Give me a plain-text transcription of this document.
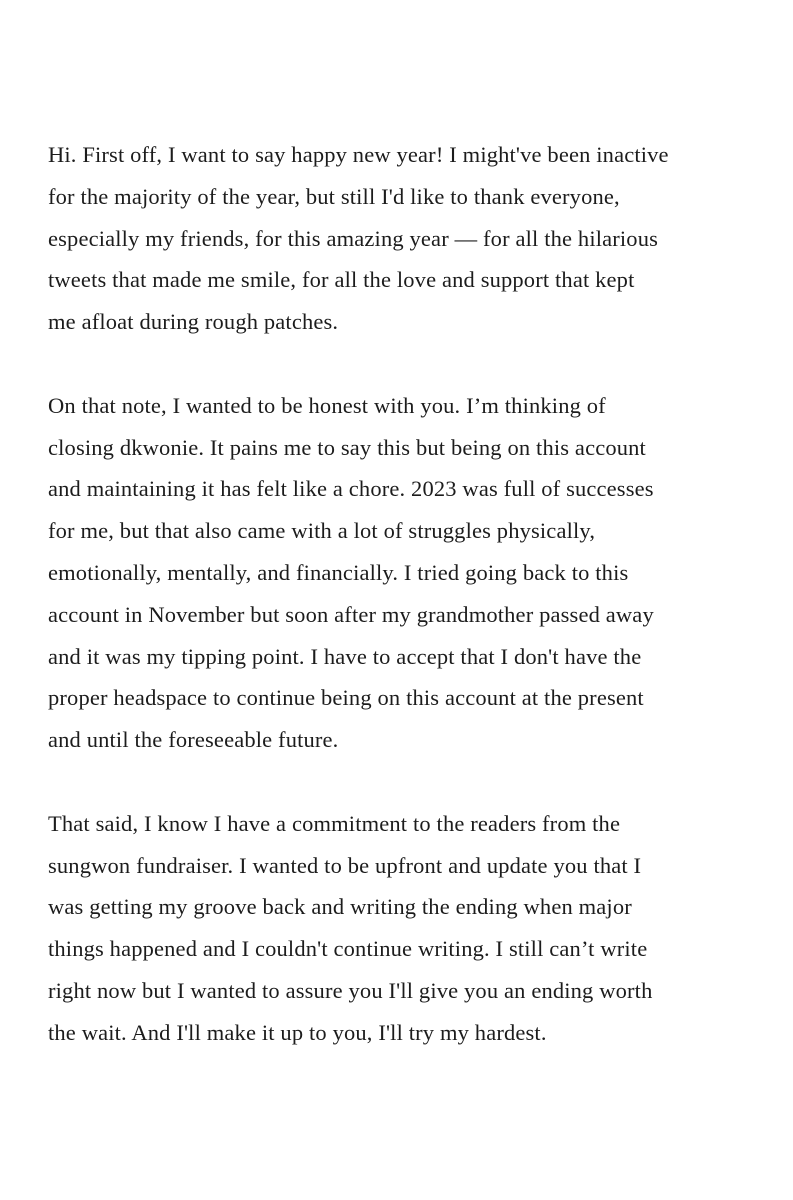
Hi. First off, I want to say happy new year! I might've been inactive
for the majority of the year, but still I'd like to thank everyone,
especially my friends, for this amazing year — for all the hilarious
tweets that made me smile, for all the love and support that kept
me afloat during rough patches.

On that note, I wanted to be honest with you. I’m thinking of
closing dkwonie. It pains me to say this but being on this account
and maintaining it has felt like a chore. 2023 was full of successes
for me, but that also came with a lot of struggles physically,
emotionally, mentally, and financially. I tried going back to this
account in November but soon after my grandmother passed away
and it was my tipping point. I have to accept that I don't have the
proper headspace to continue being on this account at the present
and until the foreseeable future.

That said, I know I have a commitment to the readers from the
sungwon fundraiser. I wanted to be upfront and update you that I
was getting my groove back and writing the ending when major
things happened and I couldn't continue writing. I still can’t write
right now but I wanted to assure you I'll give you an ending worth
the wait. And I'll make it up to you, I'll try my hardest.
